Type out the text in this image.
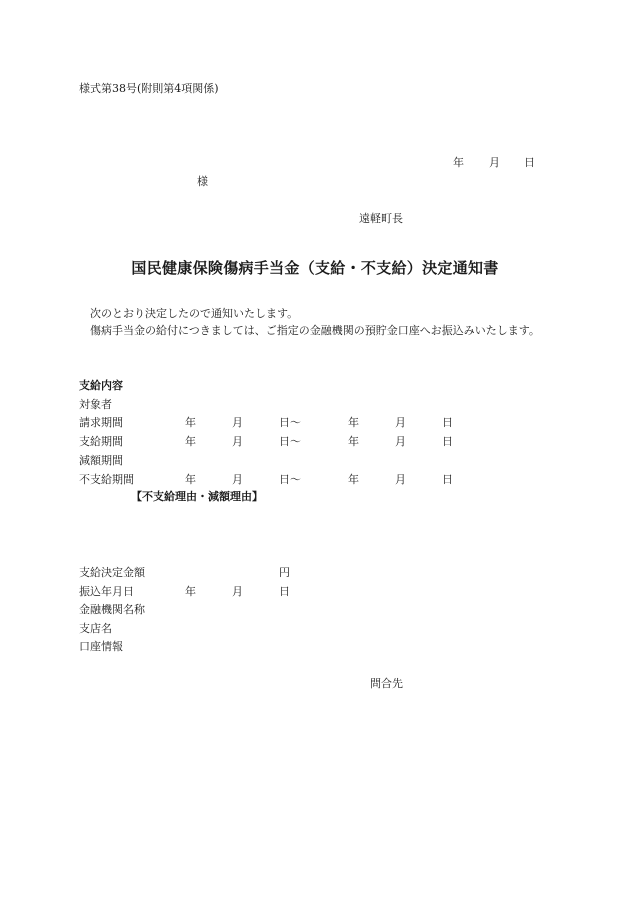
様式第38号(附則第4項関係)
年 月 日
様
遠軽町長
国民健康保険傷病手当金（支給・不支給）決定通知書
次のとおり決定したので通知いたします。
傷病手当金の給付につきましては、ご指定の金融機関の預貯金口座へお振込みいたします。
支給内容
対象者
請求期間	年	月	日～	年	月	日
支給期間	年	月	日～	年	月	日
減額期間
不支給期間	年	月	日～	年	月	日
【不支給理由・減額理由】
支給決定金額	円
振込年月日	年	月	日
金融機関名称
支店名
口座情報
問合先
